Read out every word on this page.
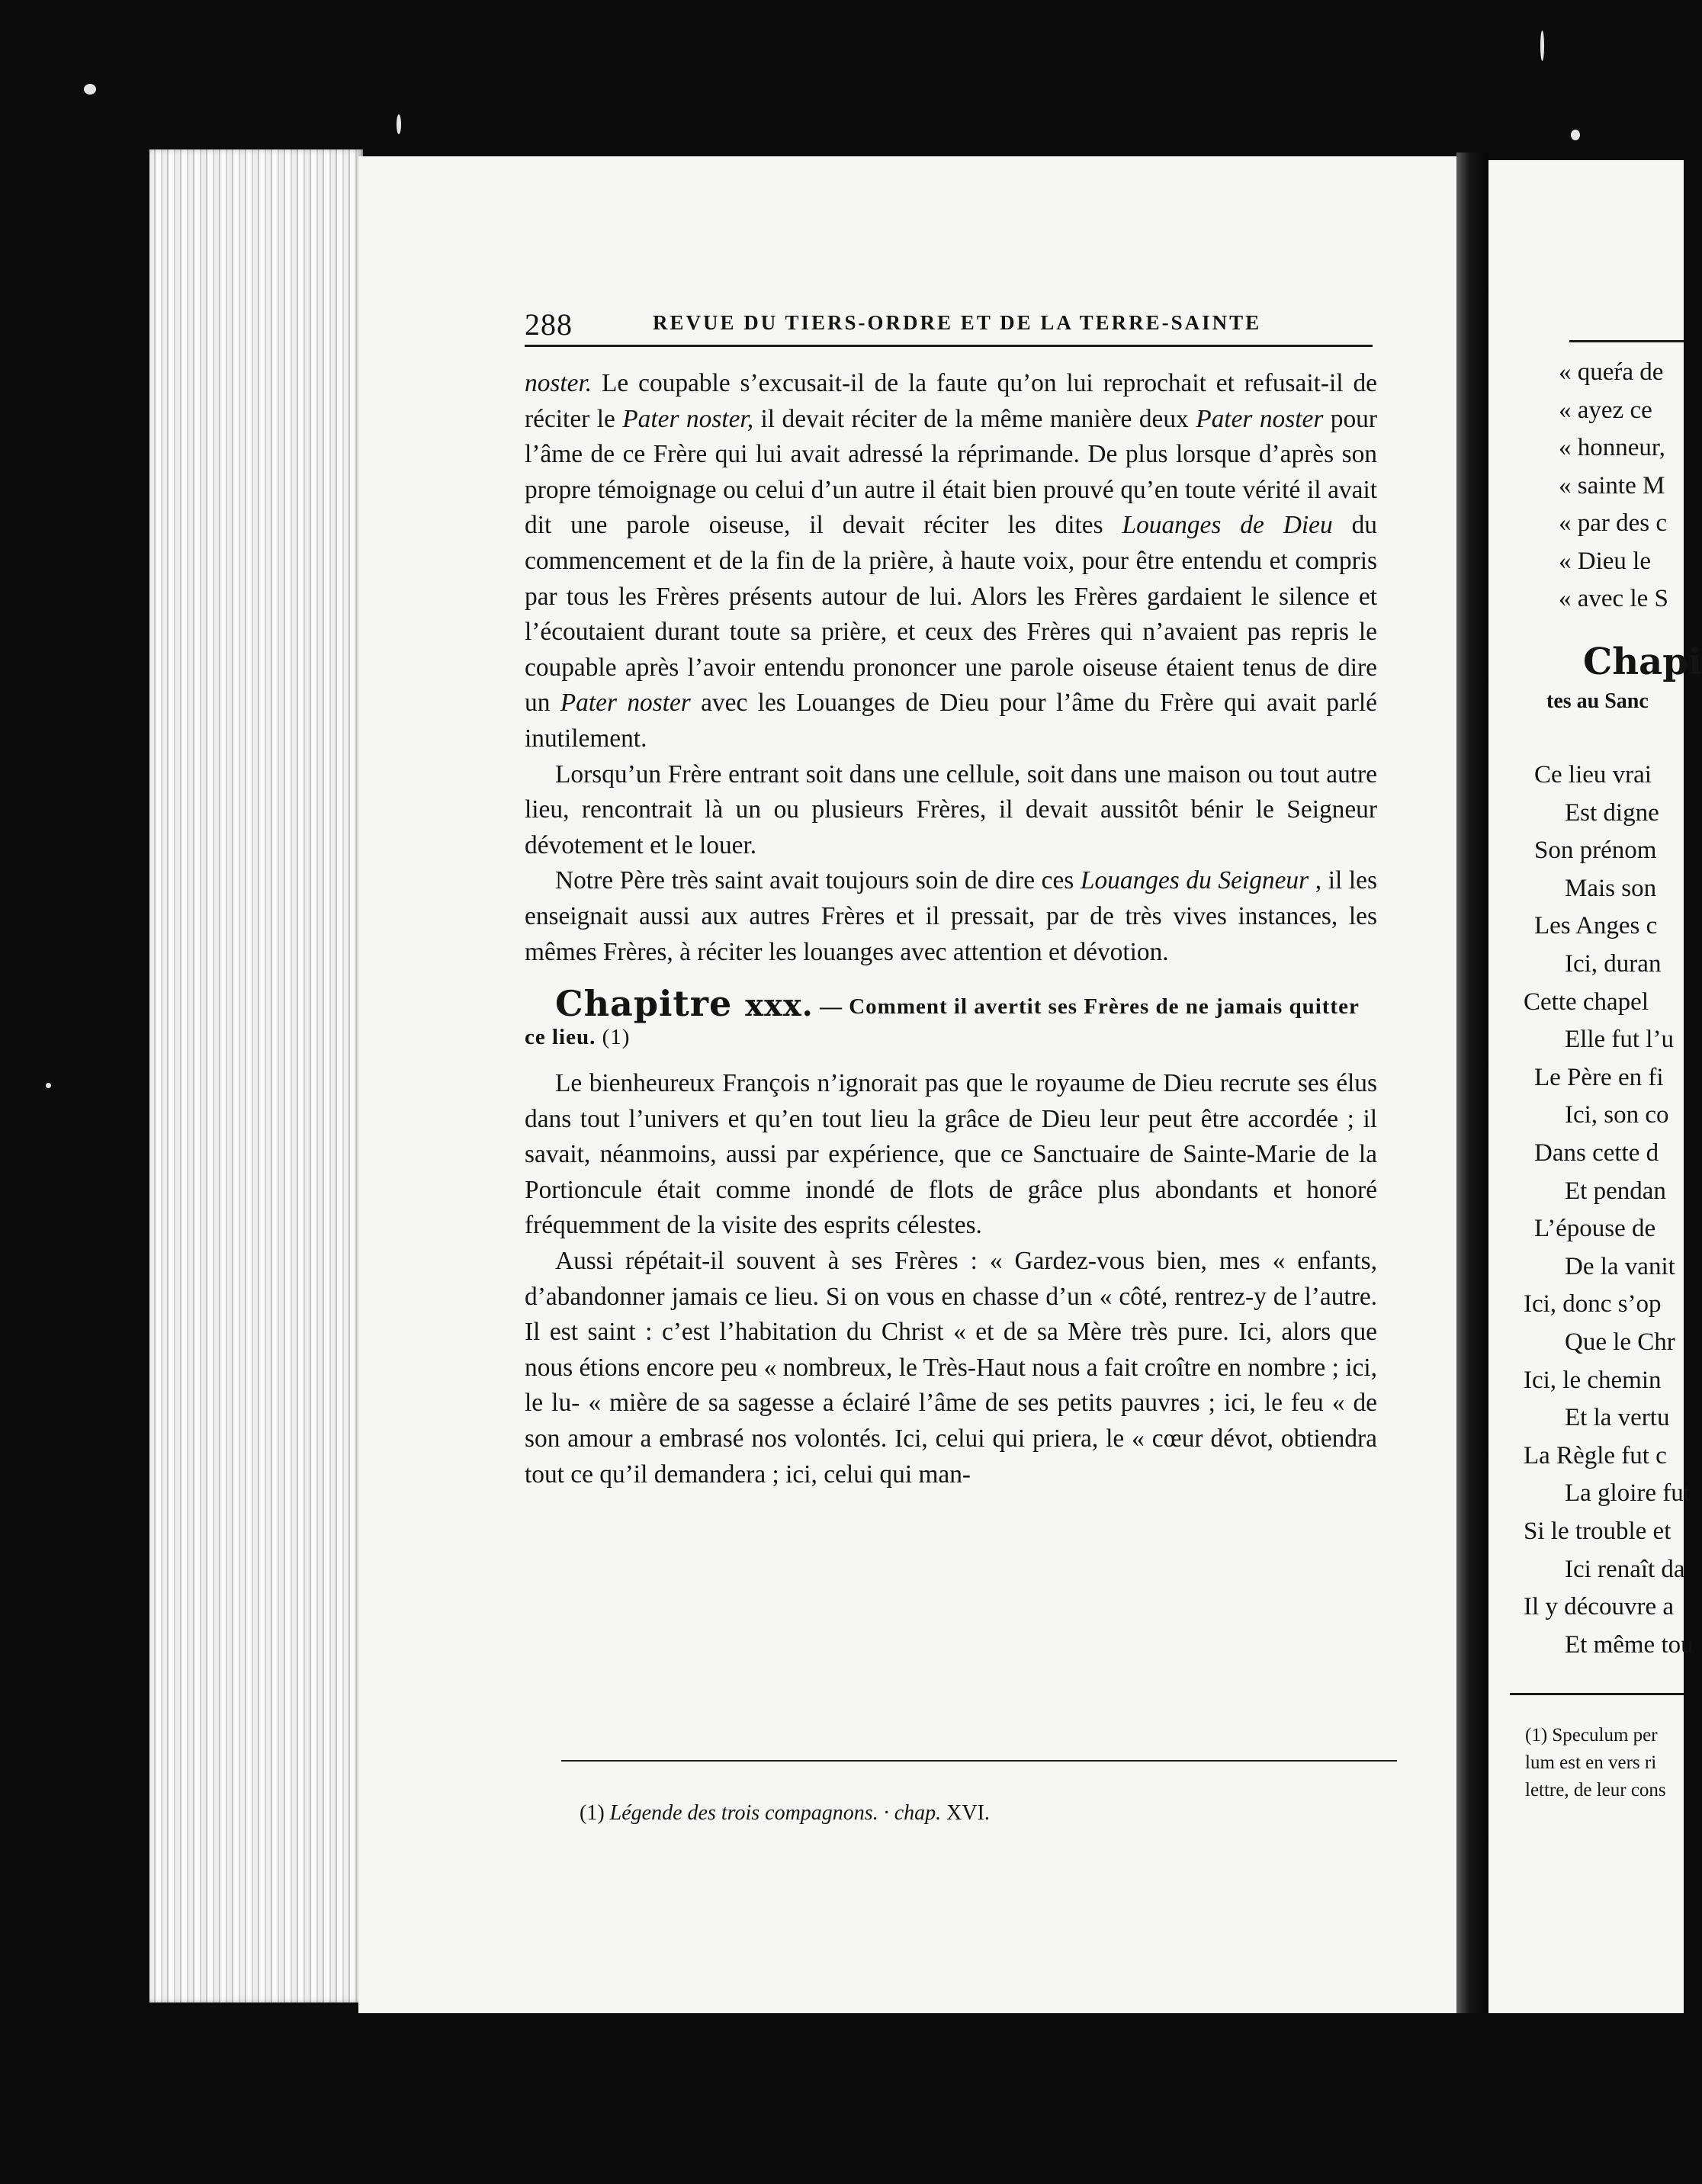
288	REVUE DU TIERS-ORDRE ET DE LA TERRE-SAINTE

noster. Le coupable s’excusait-il de la faute qu’on lui reprochait et refusait-il de réciter le Pater noster, il devait réciter de la même manière deux Pater noster pour l’âme de ce Frère qui lui avait adressé la réprimande. De plus lorsque d’après son propre témoignage ou celui d’un autre il était bien prouvé qu’en toute vérité il avait dit une parole oiseuse, il devait réciter les dites Louanges de Dieu du commencement et de la fin de la prière, à haute voix, pour être entendu et compris par tous les Frères présents autour de lui. Alors les Frères gardaient le silence et l’écoutaient durant toute sa prière, et ceux des Frères qui n’avaient pas repris le coupable après l’avoir entendu prononcer une parole oiseuse étaient tenus de dire un Pater noster avec les Louanges de Dieu pour l’âme du Frère qui avait parlé inutilement.

Lorsqu’un Frère entrant soit dans une cellule, soit dans une maison ou tout autre lieu, rencontrait là un ou plusieurs Frères, il devait aussitôt bénir le Seigneur dévotement et le louer.

Notre Père très saint avait toujours soin de dire ces Louanges du Seigneur , il les enseignait aussi aux autres Frères et il pressait, par de très vives instances, les mêmes Frères, à réciter les louanges avec attention et dévotion.

Chapitre xxx. — Comment il avertit ses Frères de ne jamais quitter ce lieu. (1)

Le bienheureux François n’ignorait pas que le royaume de Dieu recrute ses élus dans tout l’univers et qu’en tout lieu la grâce de Dieu leur peut être accordée ; il savait, néanmoins, aussi par expérience, que ce Sanctuaire de Sainte-Marie de la Portioncule était comme inondé de flots de grâce plus abondants et honoré fréquemment de la visite des esprits célestes.

Aussi répétait-il souvent à ses Frères : « Gardez-vous bien, mes « enfants, d’abandonner jamais ce lieu. Si on vous en chasse d’un « côté, rentrez-y de l’autre. Il est saint : c’est l’habitation du Christ « et de sa Mère très pure. Ici, alors que nous étions encore peu « nombreux, le Très-Haut nous a fait croître en nombre ; ici, le lu- « mière de sa sagesse a éclairé l’âme de ses petits pauvres ; ici, le feu « de son amour a embrasé nos volontés. Ici, celui qui priera, le « cœur dévot, obtiendra tout ce qu’il demandera ; ici, celui qui man-

(1) Légende des trois compagnons. · chap. XVI.
« queŕa de
« ayez ce
« honneur,
« sainte M
« par des c
« Dieu le
« avec le S
Chapi
tes au Sanc
Ce lieu vrai
Est digne
Son prénom
Mais son
Les Anges c
Ici, duran
Cette chapel
Elle fut l’u
Le Père en fi
Ici, son co
Dans cette d
Et pendan
L’épouse de
De la vanit
Ici, donc s’op
Que le Chr
Ici, le chemin
Et la vertu
La Règle fut c
La gloire fut
Si le trouble et
Ici renaît da
Il y découvre a
Et même tou
(1) Speculum per
lum est en vers ri
lettre, de leur cons
